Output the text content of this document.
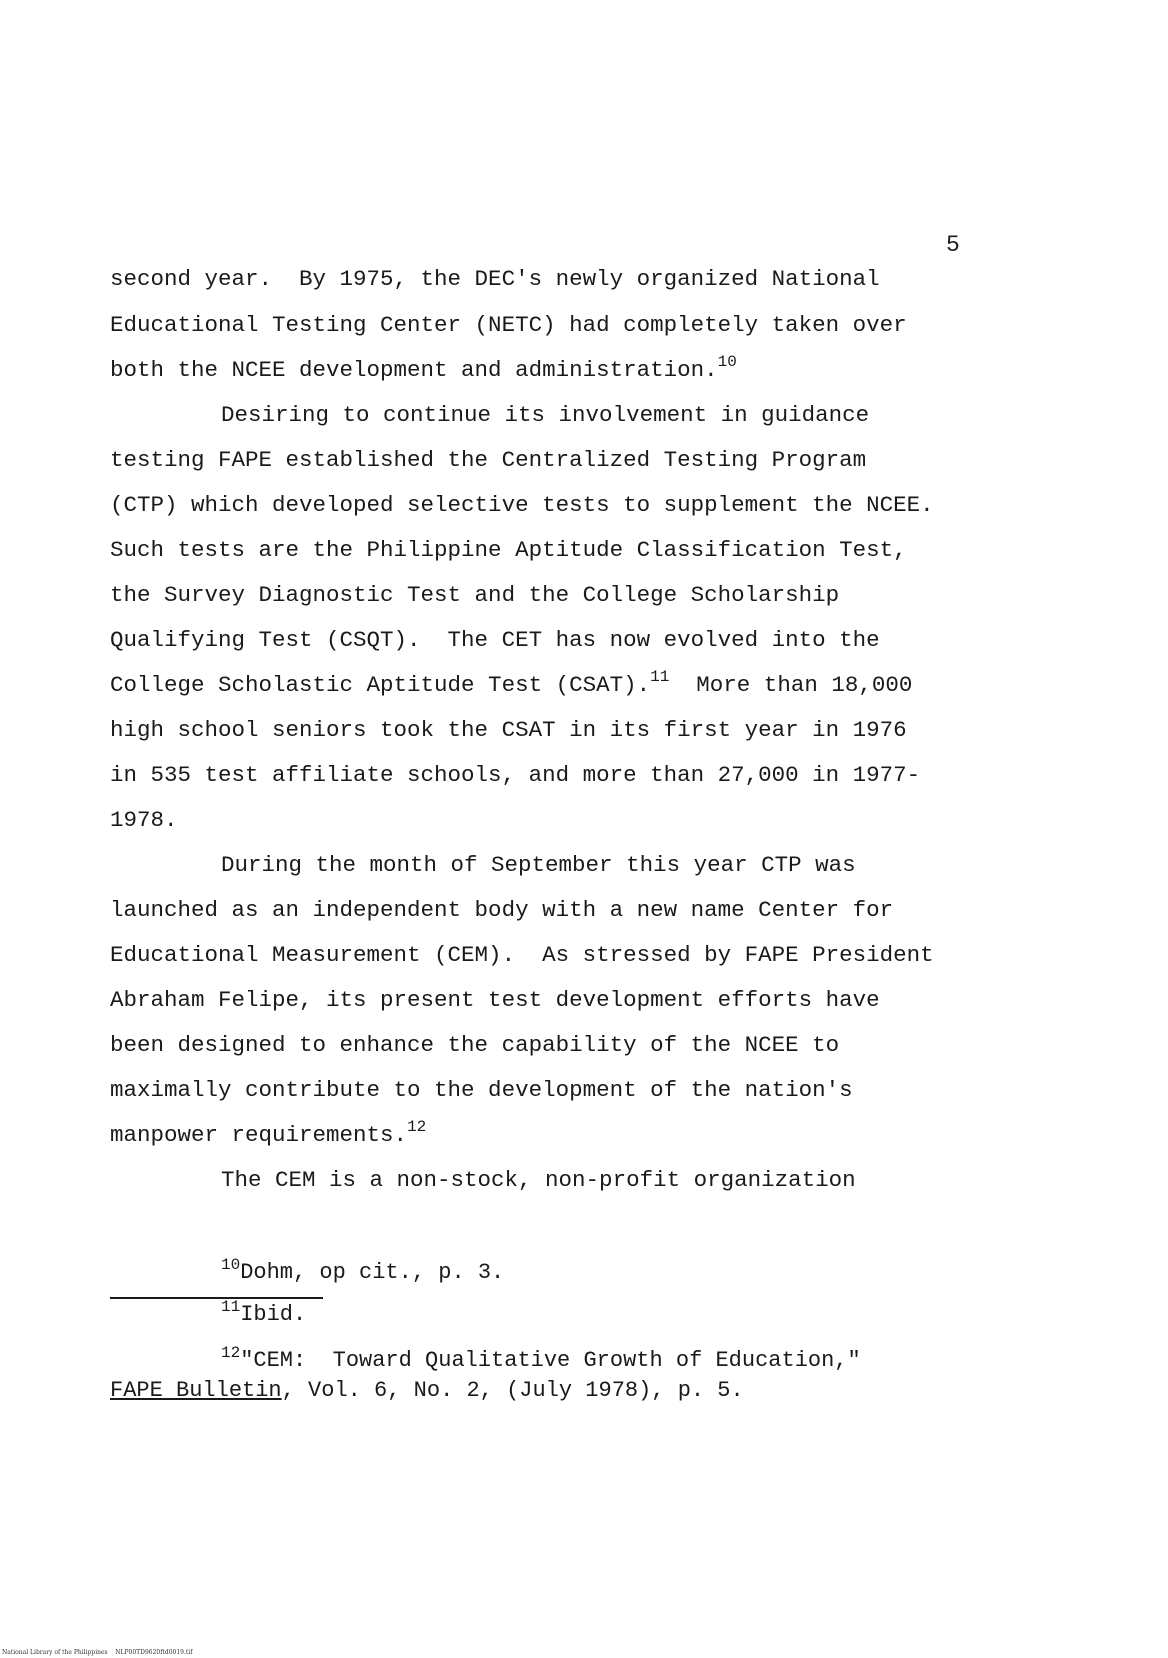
5
second year.  By 1975, the DEC's newly organized National
Educational Testing Center (NETC) had completely taken over
both the NCEE development and administration.$^{10}$
Desiring to continue its involvement in guidance
testing FAPE established the Centralized Testing Program
(CTP) which developed selective tests to supplement the NCEE.
Such tests are the Philippine Aptitude Classification Test,
the Survey Diagnostic Test and the College Scholarship
Qualifying Test (CSQT).  The CET has now evolved into the
College Scholastic Aptitude Test (CSAT).$^{11}$  More than 18,000
high school seniors took the CSAT in its first year in 1976
in 535 test affiliate schools, and more than 27,000 in 1977-
1978.
During the month of September this year CTP was
launched as an independent body with a new name Center for
Educational Measurement (CEM).  As stressed by FAPE President
Abraham Felipe, its present test development efforts have
been designed to enhance the capability of the NCEE to
maximally contribute to the development of the nation's
manpower requirements.$^{12}$
The CEM is a non-stock, non-profit organization
$^{10}$Dohm, op cit., p. 3.
$^{11}$Ibid.
$^{12}$"CEM:  Toward Qualitative Growth of Education,"
FAPE Bulletin, Vol. 6, No. 2, (July 1978), p. 5.
National Library of the Philippines    NLP00TD9620ftd0019.tif
